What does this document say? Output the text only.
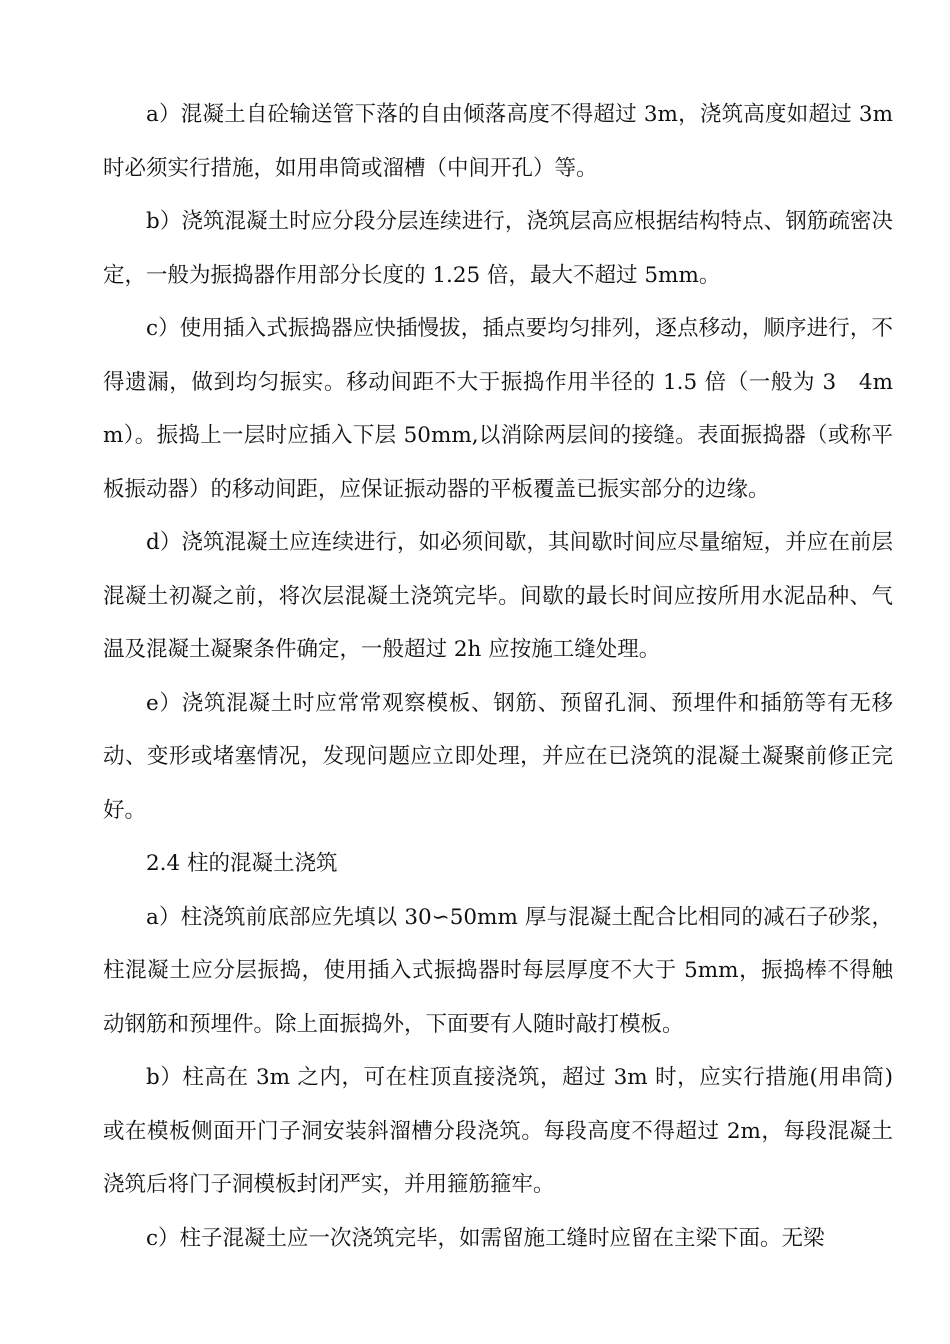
a）混凝土自砼输送管下落的自由倾落高度不得超过 3m，浇筑高度如超过 3m 时必须实行措施，如用串筒或溜槽（中间开孔）等。

b）浇筑混凝土时应分段分层连续进行，浇筑层高应根据结构特点、钢筋疏密决定，一般为振捣器作用部分长度的 1.25 倍，最大不超过 5mm。

c）使用插入式振捣器应快插慢拔，插点要均匀排列，逐点移动，顺序进行，不得遗漏，做到均匀振实。移动间距不大于振捣作用半径的 1.5 倍（一般为 3　4mm）。振捣上一层时应插入下层 50mm,以消除两层间的接缝。表面振捣器（或称平板振动器）的移动间距，应保证振动器的平板覆盖已振实部分的边缘。

d）浇筑混凝土应连续进行，如必须间歇，其间歇时间应尽量缩短，并应在前层混凝土初凝之前，将次层混凝土浇筑完毕。间歇的最长时间应按所用水泥品种、气温及混凝土凝聚条件确定，一般超过 2h 应按施工缝处理。

e）浇筑混凝土时应常常观察模板、钢筋、预留孔洞、预埋件和插筋等有无移动、变形或堵塞情况，发现问题应立即处理，并应在已浇筑的混凝土凝聚前修正完好。

2.4 柱的混凝土浇筑

a）柱浇筑前底部应先填以 30∽50mm 厚与混凝土配合比相同的减石子砂浆，柱混凝土应分层振捣，使用插入式振捣器时每层厚度不大于 5mm，振捣棒不得触动钢筋和预埋件。除上面振捣外，下面要有人随时敲打模板。

b）柱高在 3m 之内，可在柱顶直接浇筑，超过 3m 时，应实行措施(用串筒)或在模板侧面开门子洞安装斜溜槽分段浇筑。每段高度不得超过 2m，每段混凝土浇筑后将门子洞模板封闭严实，并用箍筋箍牢。

c）柱子混凝土应一次浇筑完毕，如需留施工缝时应留在主梁下面。无梁
